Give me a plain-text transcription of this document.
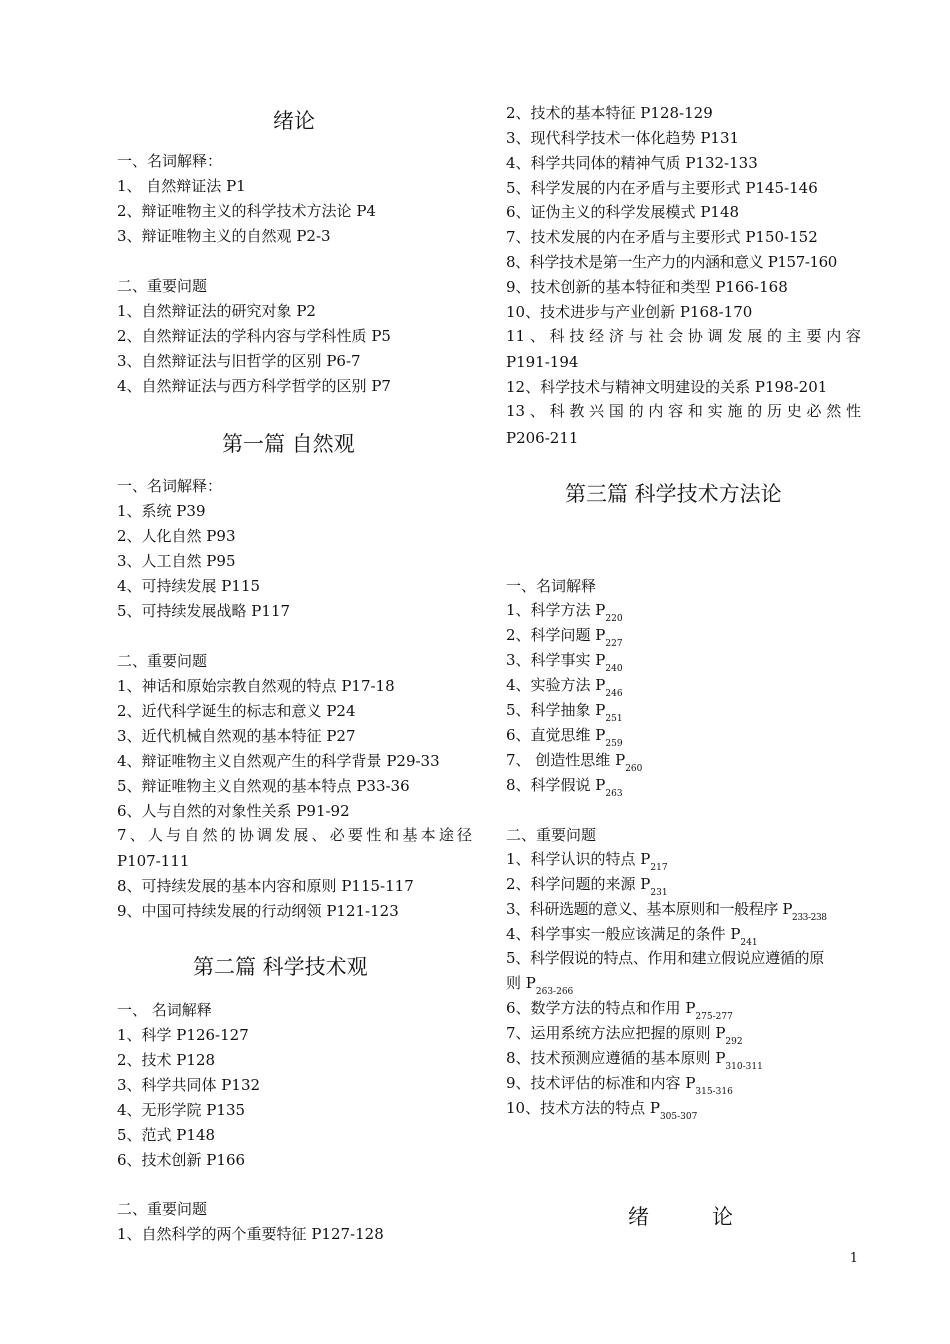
绪论
一、名词解释：
1、 自然辩证法 P1
2、辩证唯物主义的科学技术方法论 P4
3、辩证唯物主义的自然观 P2-3
二、重要问题
1、自然辩证法的研究对象 P2
2、自然辩证法的学科内容与学科性质 P5
3、自然辩证法与旧哲学的区别 P6-7
4、自然辩证法与西方科学哲学的区别 P7
第一篇 自然观
一、名词解释：
1、系统 P39
2、人化自然 P93
3、人工自然 P95
4、可持续发展 P115
5、可持续发展战略 P117
二、重要问题
1、神话和原始宗教自然观的特点 P17-18
2、近代科学诞生的标志和意义 P24
3、近代机械自然观的基本特征 P27
4、辩证唯物主义自然观产生的科学背景 P29-33
5、辩证唯物主义自然观的基本特点 P33-36
6、人与自然的对象性关系 P91-92
7、人与自然的协调发展、必要性和基本途径
P107-111
8、可持续发展的基本内容和原则 P115-117
9、中国可持续发展的行动纲领 P121-123
第二篇 科学技术观
一、 名词解释
1、科学 P126-127
2、技术 P128
3、科学共同体 P132
4、无形学院 P135
5、范式 P148
6、技术创新 P166
二、重要问题
1、自然科学的两个重要特征 P127-128
2、技术的基本特征 P128-129
3、现代科学技术一体化趋势 P131
4、科学共同体的精神气质 P132-133
5、科学发展的内在矛盾与主要形式 P145-146
6、证伪主义的科学发展模式 P148
7、技术发展的内在矛盾与主要形式 P150-152
8、科学技术是第一生产力的内涵和意义 P157-160
9、技术创新的基本特征和类型 P166-168
10、技术进步与产业创新 P168-170
11、科技经济与社会协调发展的主要内容
P191-194
12、科学技术与精神文明建设的关系 P198-201
13、科教兴国的内容和实施的历史必然性
P206-211
第三篇 科学技术方法论
一、名词解释
1、科学方法 $P_{220}$
2、科学问题 $P_{227}$
3、科学事实 $P_{240}$
4、实验方法 $P_{246}$
5、科学抽象 $P_{251}$
6、直觉思维 $P_{259}$
7、 创造性思维 $P_{260}$
8、科学假说 $P_{263}$
二、重要问题
1、科学认识的特点 $P_{217}$
2、科学问题的来源 $P_{231}$
3、科研选题的意义、基本原则和一般程序 $P_{233-238}$
4、科学事实一般应该满足的条件 $P_{241}$
5、科学假说的特点、作用和建立假说应遵循的原
则 $P_{263-266}$
6、数学方法的特点和作用 $P_{275-277}$
7、运用系统方法应把握的原则 $P_{292}$
8、技术预测应遵循的基本原则 $P_{310-311}$
9、技术评估的标准和内容 $P_{315-316}$
10、技术方法的特点 $P_{305-307}$
绪　　　论
1
